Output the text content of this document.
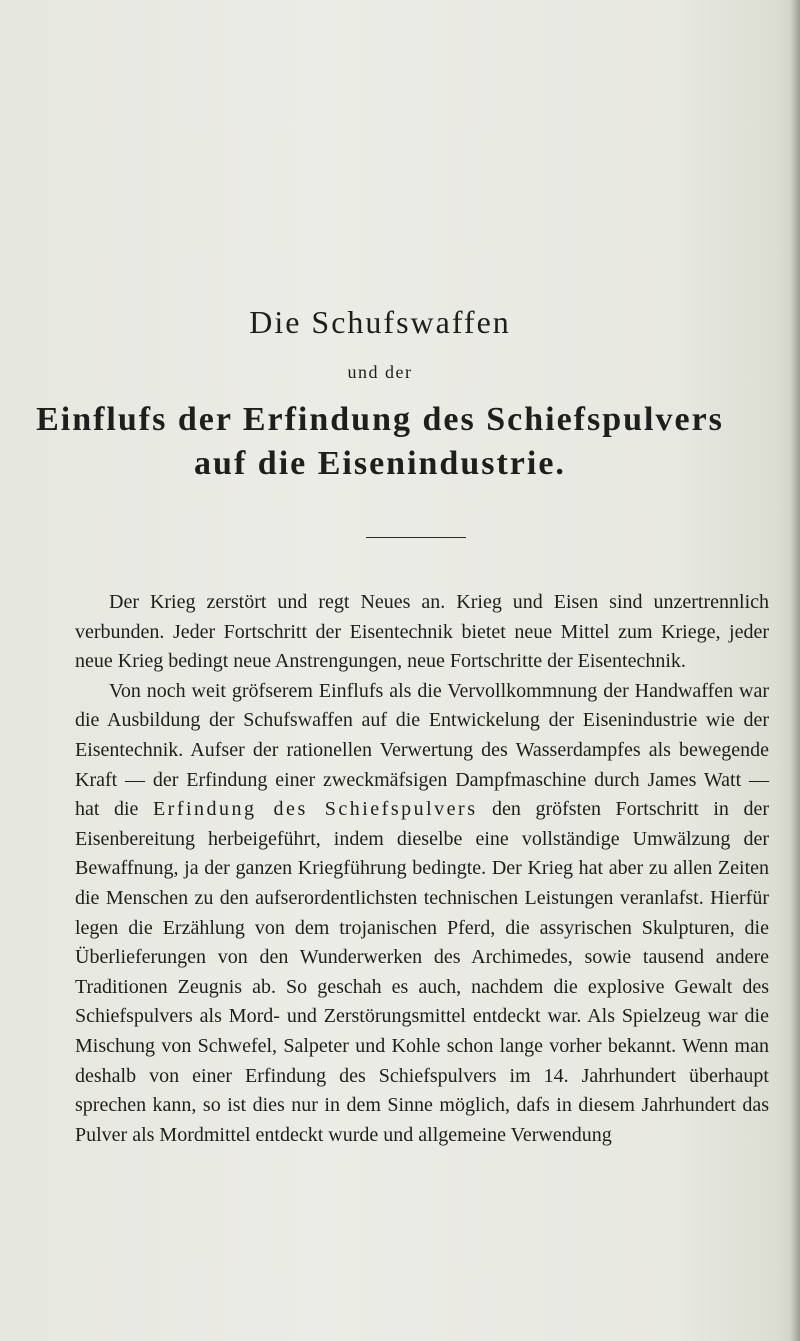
Die Schufswaffen
und der
Einflufs der Erfindung des Schiefspulvers
auf die Eisenindustrie.

Der Krieg zerstört und regt Neues an. Krieg und Eisen sind unzertrennlich verbunden. Jeder Fortschritt der Eisentechnik bietet neue Mittel zum Kriege, jeder neue Krieg bedingt neue Anstrengungen, neue Fortschritte der Eisentechnik.

Von noch weit gröfserem Einflufs als die Vervollkommnung der Handwaffen war die Ausbildung der Schufswaffen auf die Entwickelung der Eisenindustrie wie der Eisentechnik. Aufser der rationellen Verwertung des Wasserdampfes als bewegende Kraft — der Erfindung einer zweckmäfsigen Dampfmaschine durch James Watt — hat die Erfindung des Schiefspulvers den gröfsten Fortschritt in der Eisenbereitung herbeigeführt, indem dieselbe eine vollständige Umwälzung der Bewaffnung, ja der ganzen Kriegführung bedingte. Der Krieg hat aber zu allen Zeiten die Menschen zu den aufserordentlichsten technischen Leistungen veranlafst. Hierfür legen die Erzählung von dem trojanischen Pferd, die assyrischen Skulpturen, die Überlieferungen von den Wunderwerken des Archimedes, sowie tausend andere Traditionen Zeugnis ab. So geschah es auch, nachdem die explosive Gewalt des Schiefspulvers als Mord- und Zerstörungsmittel entdeckt war. Als Spielzeug war die Mischung von Schwefel, Salpeter und Kohle schon lange vorher bekannt. Wenn man deshalb von einer Erfindung des Schiefspulvers im 14. Jahrhundert überhaupt sprechen kann, so ist dies nur in dem Sinne möglich, dafs in diesem Jahrhundert das Pulver als Mordmittel entdeckt wurde und allgemeine Verwendung
